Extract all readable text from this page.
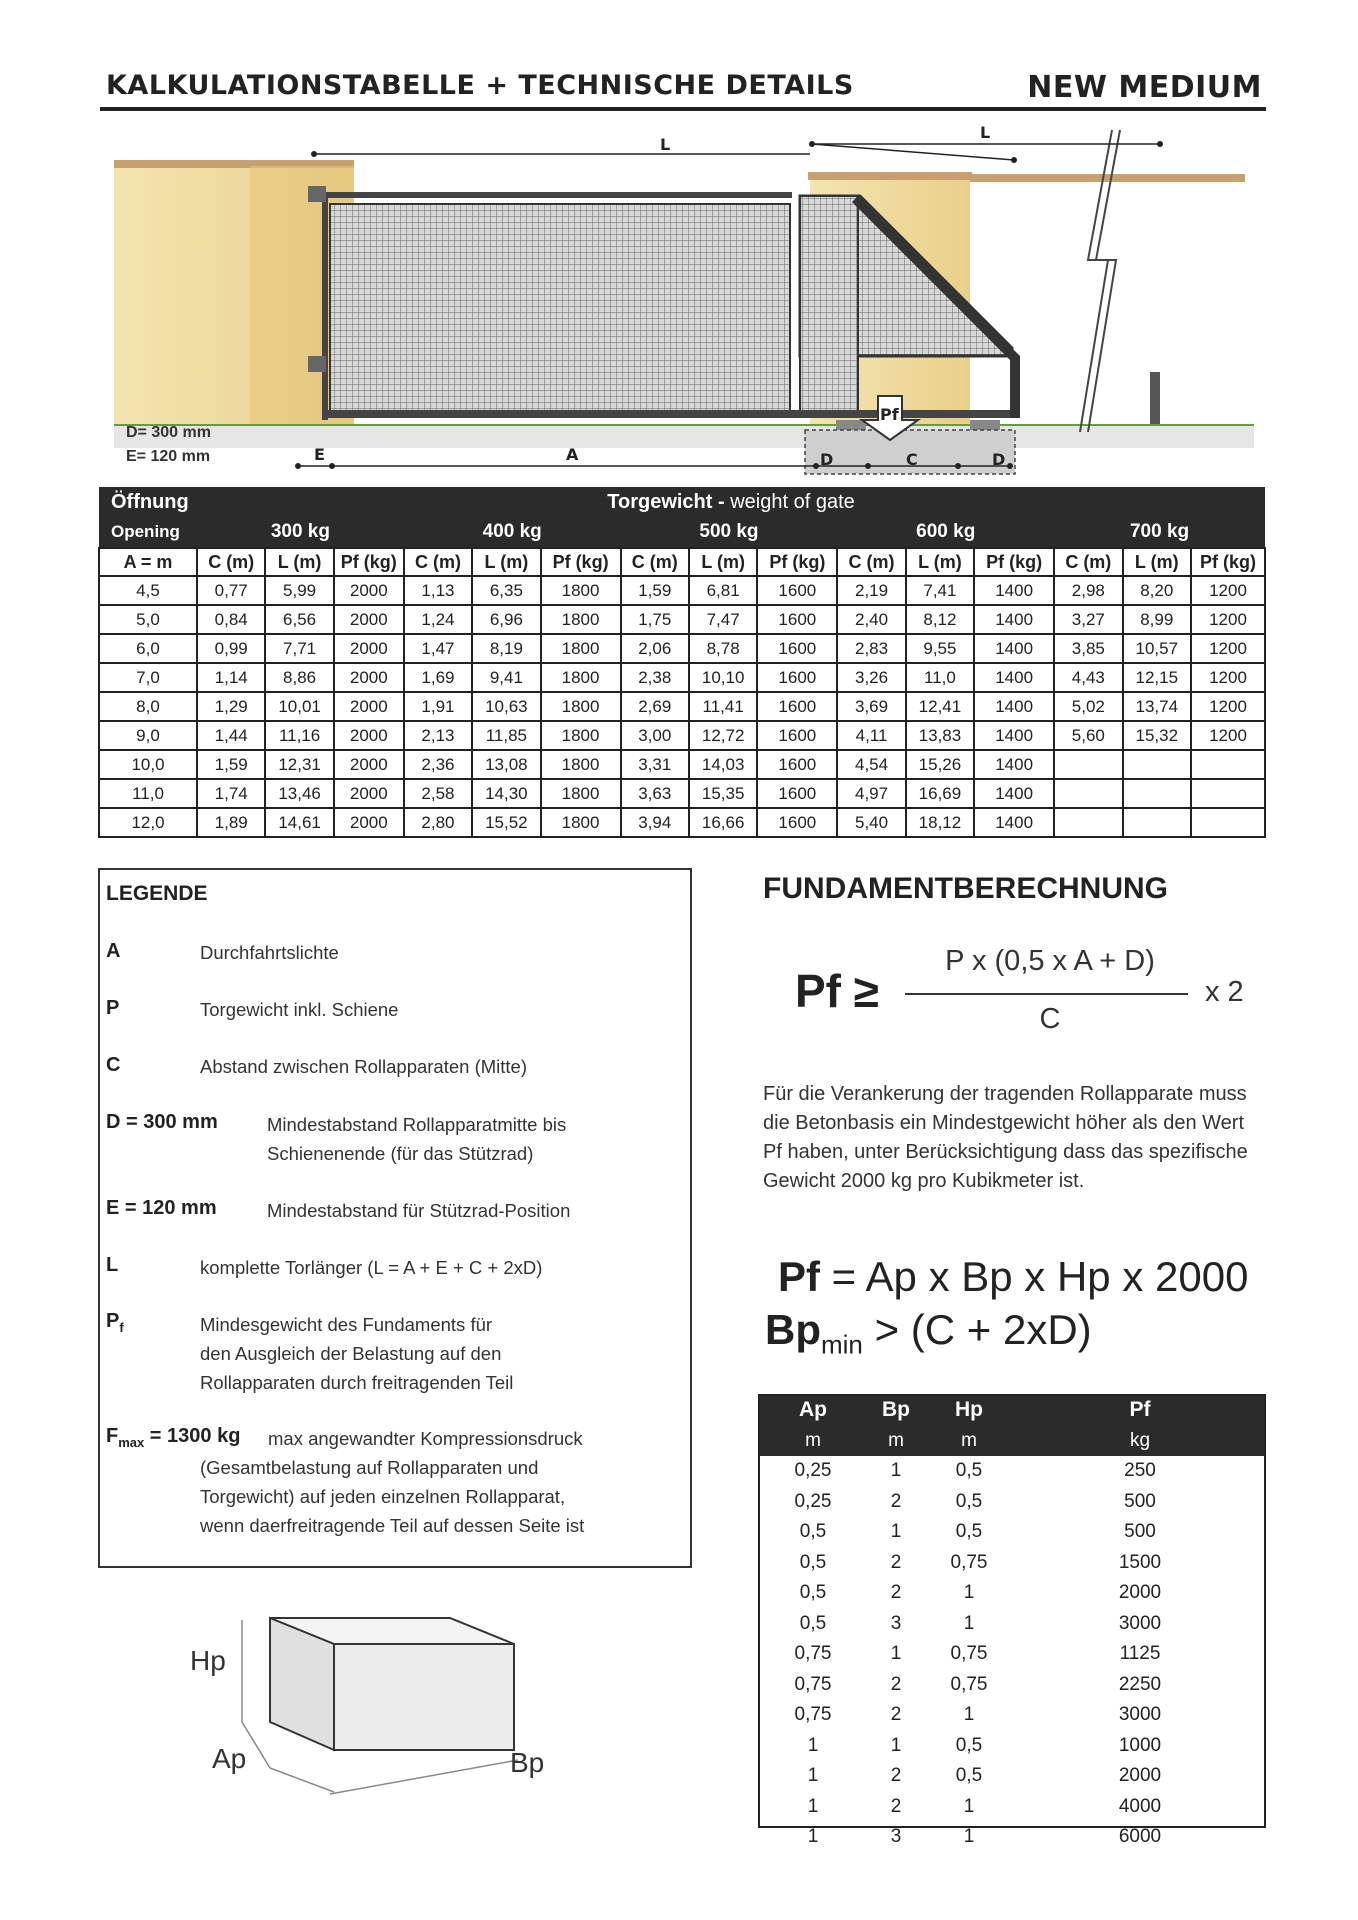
KALKULATIONSTABELLE + TECHNISCHE DETAILS	NEW MEDIUM
Pf
L
L
E	A	D	C	D
D= 300 mm
E= 120 mm
Öffnung	Torgewicht - weight of gate														
Opening	300 kg			400 kg			500 kg			600 kg			700 kg		
A = m	C (m)	L (m)	Pf (kg)	C (m)	L (m)	Pf (kg)	C (m)	L (m)	Pf (kg)	C (m)	L (m)	Pf (kg)	C (m)	L (m)	Pf (kg)
4,5	0,77	5,99	2000	1,13	6,35	1800	1,59	6,81	1600	2,19	7,41	1400	2,98	8,20	1200
5,0	0,84	6,56	2000	1,24	6,96	1800	1,75	7,47	1600	2,40	8,12	1400	3,27	8,99	1200
6,0	0,99	7,71	2000	1,47	8,19	1800	2,06	8,78	1600	2,83	9,55	1400	3,85	10,57	1200
7,0	1,14	8,86	2000	1,69	9,41	1800	2,38	10,10	1600	3,26	11,0	1400	4,43	12,15	1200
8,0	1,29	10,01	2000	1,91	10,63	1800	2,69	11,41	1600	3,69	12,41	1400	5,02	13,74	1200
9,0	1,44	11,16	2000	2,13	11,85	1800	3,00	12,72	1600	4,11	13,83	1400	5,60	15,32	1200
10,0	1,59	12,31	2000	2,36	13,08	1800	3,31	14,03	1600	4,54	15,26	1400			
11,0	1,74	13,46	2000	2,58	14,30	1800	3,63	15,35	1600	4,97	16,69	1400			
12,0	1,89	14,61	2000	2,80	15,52	1800	3,94	16,66	1600	5,40	18,12	1400			
LEGENDE
A	Durchfahrtslichte
P	Torgewicht inkl. Schiene
C	Abstand zwischen Rollapparaten (Mitte)
D = 300 mm	Mindestabstand Rollapparatmitte bis
Schienenende (für das Stützrad)
E = 120 mm	Mindestabstand für Stützrad-Position
L	komplette Torlänger (L = A + E + C + 2xD)
$P_f$	Mindesgewicht des Fundaments für
den Ausgleich der Belastung auf den
Rollapparaten durch freitragenden Teil
$F_{max} = 1300$ kg max angewandter Kompressionsdruck
(Gesamtbelastung auf Rollapparaten und
Torgewicht) auf jeden einzelnen Rollapparat,
wenn daerfreitragende Teil auf dessen Seite ist
Hp
Ap	Bp
FUNDAMENTBERECHNUNG
Pf ≥
P x (0,5 x A + D)
C
x 2
Für die Verankerung der tragenden Rollapparate muss die Betonbasis ein Mindestgewicht höher als den Wert Pf haben, unter Berücksichtigung dass das spezifische Gewicht 2000 kg pro Kubikmeter ist.
Pf = Ap x Bp x Hp x 2000
$Bp_{min} > (C + 2xD)$
Ap	Bp	Hp	Pf
m	m	m	kg
0,25	1	0,5	250
0,25	2	0,5	500
0,5	1	0,5	500
0,5	2	0,75	1500
0,5	2	1	2000
0,5	3	1	3000
0,75	1	0,75	1125
0,75	2	0,75	2250
0,75	2	1	3000
1	1	0,5	1000
1	2	0,5	2000
1	2	1	4000
1	3	1	6000
